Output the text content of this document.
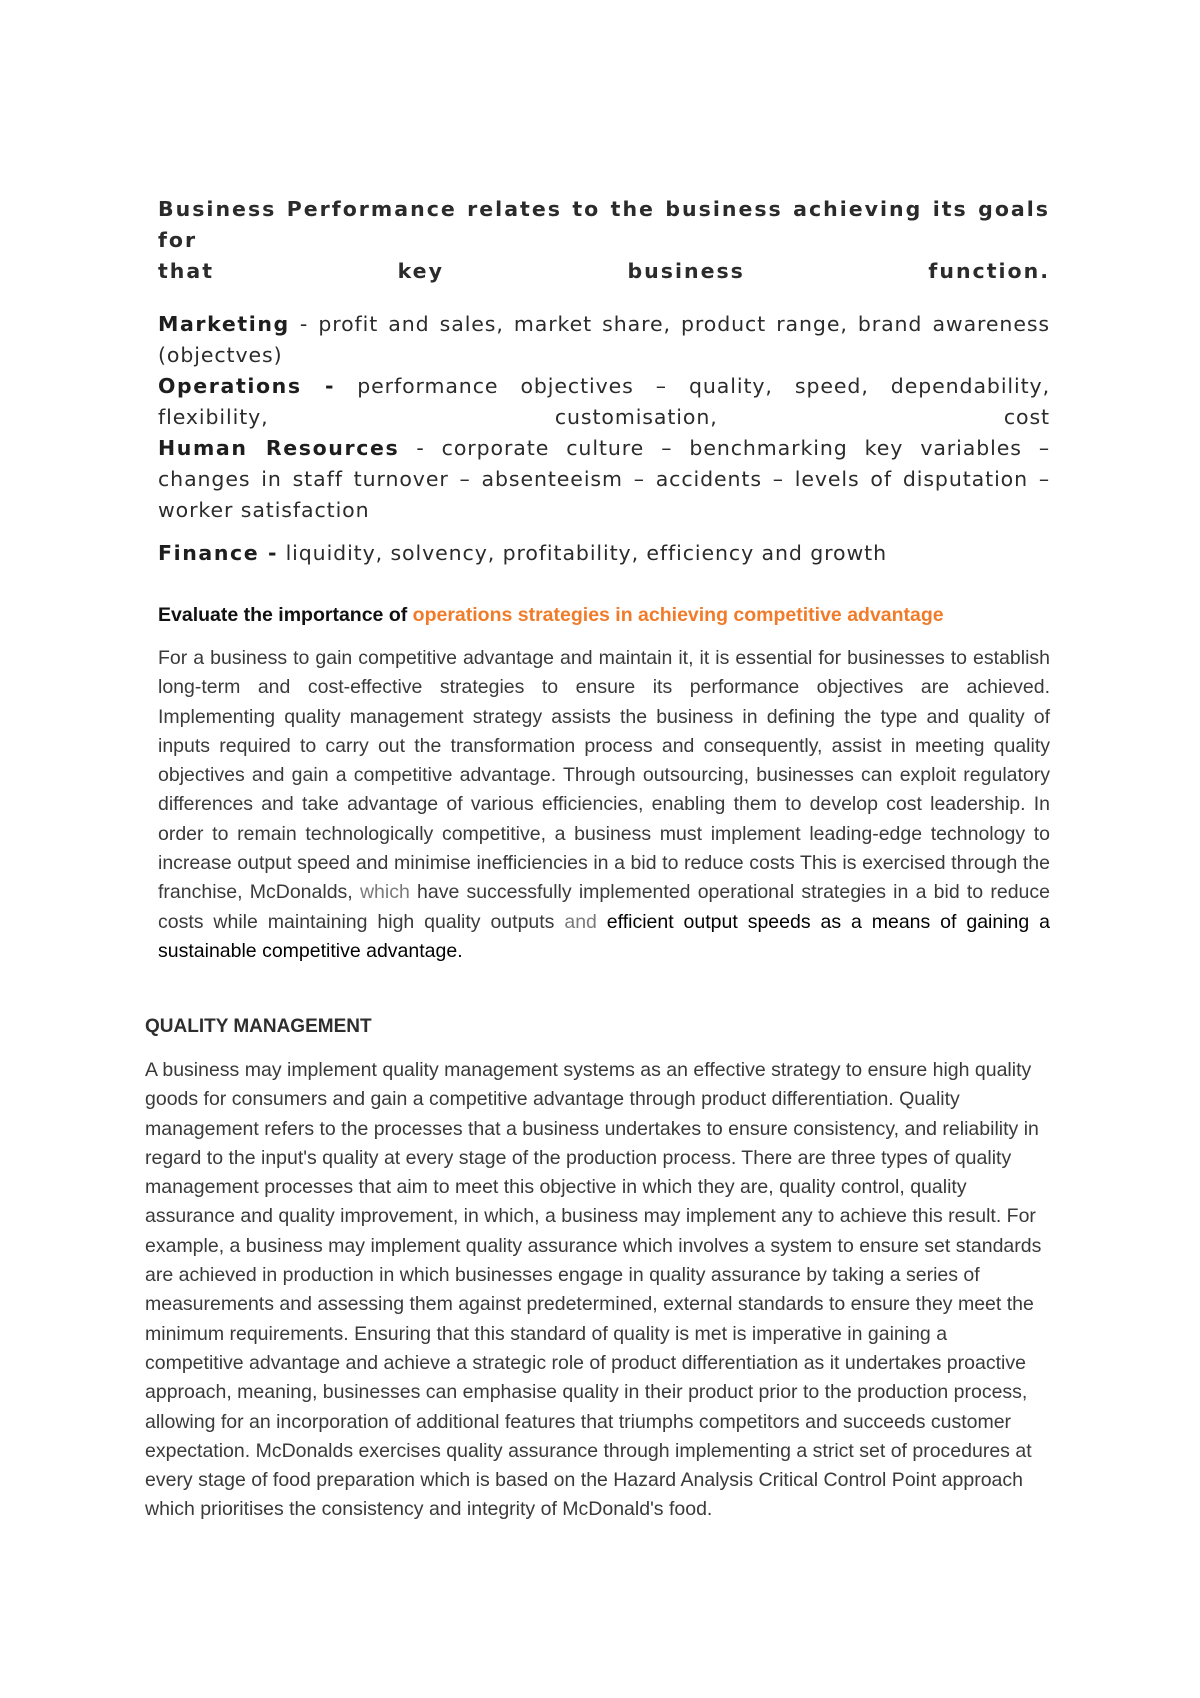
Business Performance relates to the business achieving its goals for

that key business function.

Marketing - profit and sales, market share, product range, brand awareness (objectves)

Operations - performance objectives – quality, speed, dependability, flexibility, customisation, cost

Human Resources - corporate culture – benchmarking key variables – changes in staff turnover – absenteeism – accidents – levels of disputation – worker satisfaction

Finance - liquidity, solvency, profitability, efficiency and growth

Evaluate the importance of operations strategies in achieving competitive advantage

For a business to gain competitive advantage and maintain it, it is essential for businesses to establish long-term and cost-effective strategies to ensure its performance objectives are achieved. Implementing quality management strategy assists the business in defining the type and quality of inputs required to carry out the transformation process and consequently, assist in meeting quality objectives and gain a competitive advantage. Through outsourcing, businesses can exploit regulatory differences and take advantage of various efficiencies, enabling them to develop cost leadership. In order to remain technologically competitive, a business must implement leading-edge technology to increase output speed and minimise inefficiencies in a bid to reduce costs This is exercised through the franchise, McDonalds, which have successfully implemented operational strategies in a bid to reduce costs while maintaining high quality outputs and efficient output speeds as a means of gaining a sustainable competitive advantage.

QUALITY MANAGEMENT

A business may implement quality management systems as an effective strategy to ensure high quality goods for consumers and gain a competitive advantage through product differentiation. Quality management refers to the processes that a business undertakes to ensure consistency, and reliability in regard to the input's quality at every stage of the production process. There are three types of quality management processes that aim to meet this objective in which they are, quality control, quality assurance and quality improvement, in which, a business may implement any to achieve this result. For example, a business may implement quality assurance which involves a system to ensure set standards are achieved in production in which businesses engage in quality assurance by taking a series of measurements and assessing them against predetermined, external standards to ensure they meet the minimum requirements. Ensuring that this standard of quality is met is imperative in gaining a competitive advantage and achieve a strategic role of product differentiation as it undertakes proactive approach, meaning, businesses can emphasise quality in their product prior to the production process, allowing for an incorporation of additional features that triumphs competitors and succeeds customer expectation. McDonalds exercises quality assurance through implementing a strict set of procedures at every stage of food preparation which is based on the Hazard Analysis Critical Control Point approach which prioritises the consistency and integrity of McDonald's food.
